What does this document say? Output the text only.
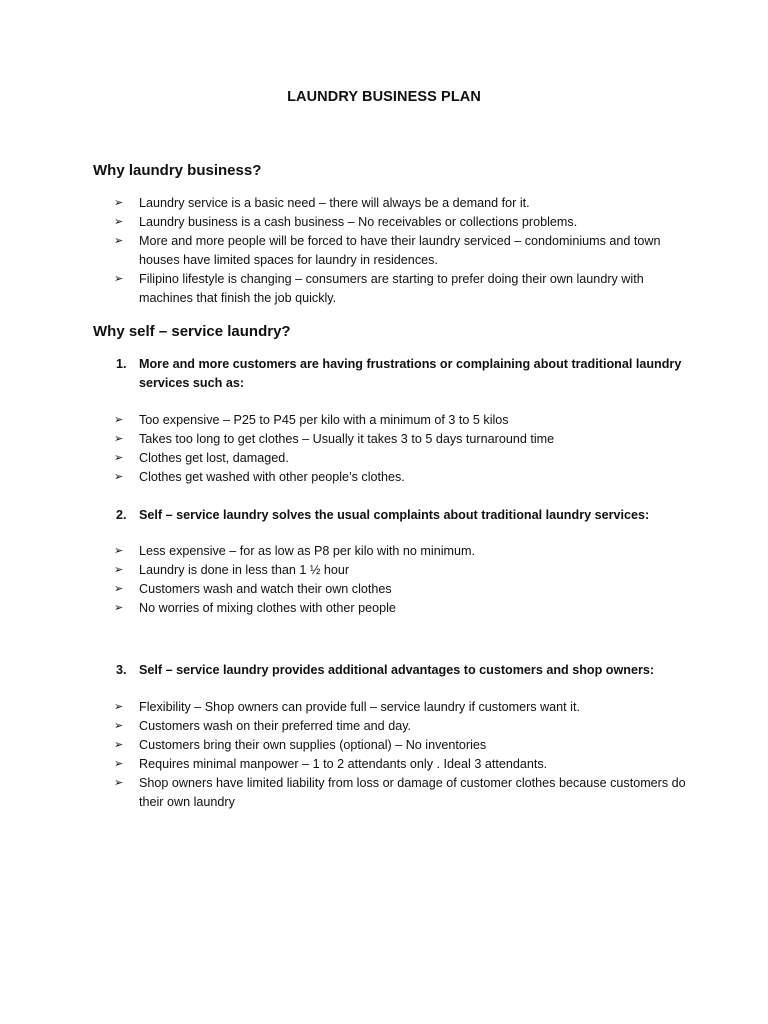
LAUNDRY BUSINESS PLAN
Why laundry business?
➢ Laundry service is a basic need – there will always be a demand for it.
➢ Laundry business is a cash business – No receivables or collections problems.
➢ More and more people will be forced to have their laundry serviced – condominiums and town houses have limited spaces for laundry in residences.
➢ Filipino lifestyle is changing – consumers are starting to prefer doing their own laundry with machines that finish the job quickly.
Why self – service laundry?
1. More and more customers are having frustrations or complaining about traditional laundry services such as:
➢ Too expensive – P25 to P45 per kilo with a minimum of 3 to 5 kilos
➢ Takes too long to get clothes – Usually it takes 3 to 5 days turnaround time
➢ Clothes get lost, damaged.
➢ Clothes get washed with other people’s clothes.
2. Self – service laundry solves the usual complaints about traditional laundry services:
➢ Less expensive – for as low as P8 per kilo with no minimum.
➢ Laundry is done in less than 1 ½ hour
➢ Customers wash and watch their own clothes
➢ No worries of mixing clothes with other people
3. Self – service laundry provides additional advantages to customers and shop owners:
➢ Flexibility – Shop owners can provide full – service laundry if customers want it.
➢ Customers wash on their preferred time and day.
➢ Customers bring their own supplies (optional) – No inventories
➢ Requires minimal manpower – 1 to 2 attendants only . Ideal 3 attendants.
➢ Shop owners have limited liability from loss or damage of customer clothes because customers do their own laundry
